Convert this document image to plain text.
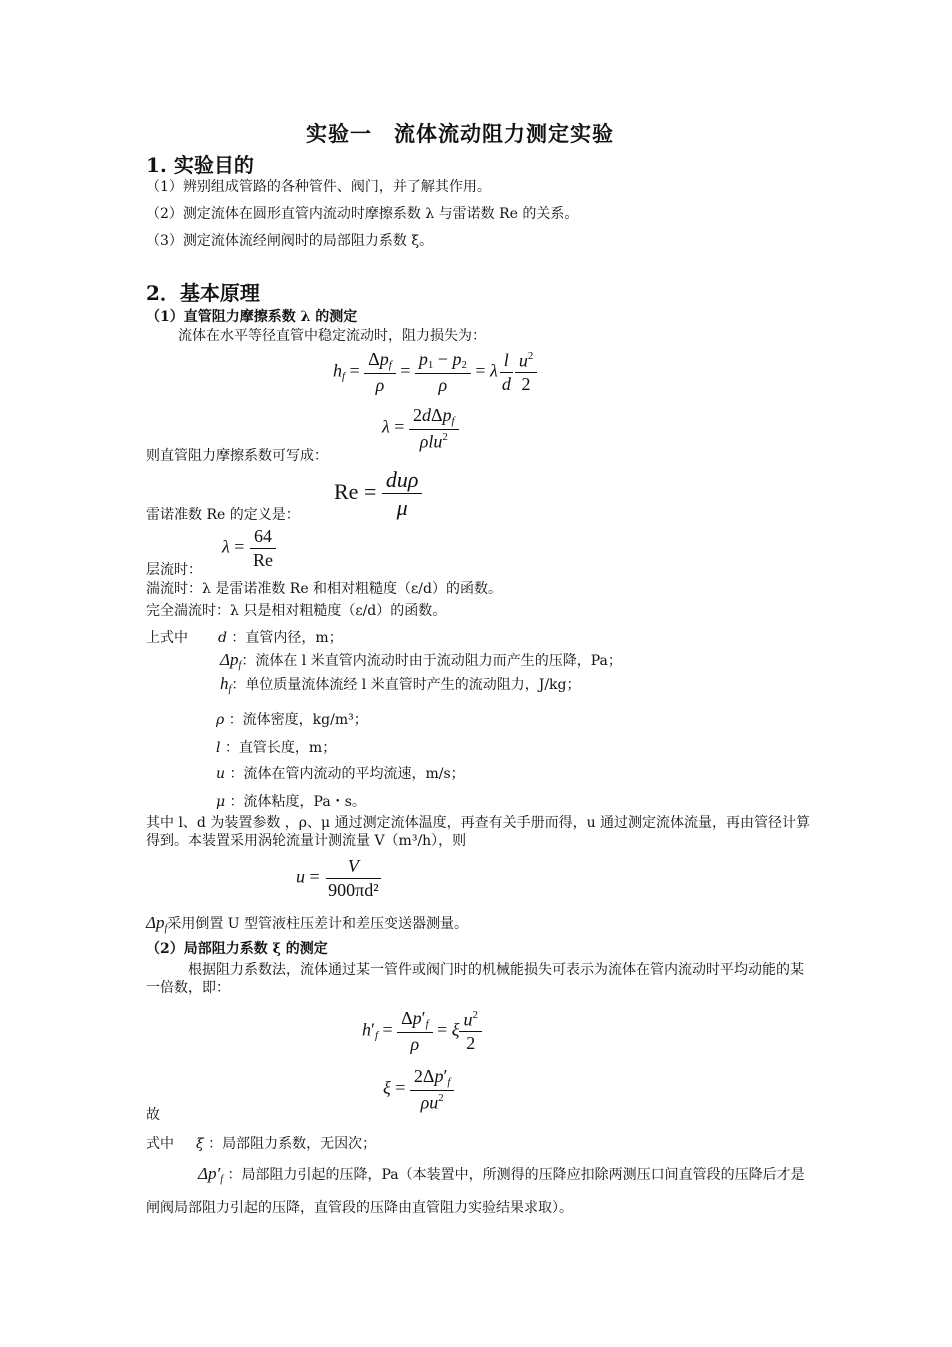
实验一　流体流动阻力测定实验
1. 实验目的
（1）辨别组成管路的各种管件、阀门，并了解其作用。
（2）测定流体在圆形直管内流动时摩擦系数 λ 与雷诺数 Re 的关系。
（3）测定流体流经闸阀时的局部阻力系数 ξ。
2．基本原理
（1）直管阻力摩擦系数 λ 的测定
流体在水平等径直管中稳定流动时，阻力损失为：
$h_f = \frac{\Delta p_f}{\rho} = \frac{p_1 - p_2}{\rho} = \lambda \frac{l}{d} \frac{u^2}{2}$
$\lambda = \frac{2d\Delta p_f}{\rho lu^2}$
则直管阻力摩擦系数可写成：
$Re = \frac{\text{duρ}}{\mu}$
雷诺准数 Re 的定义是：
$\lambda = \frac{64}{Re}$
层流时：
湍流时：λ 是雷诺准数 Re 和相对粗糙度（ε/d）的函数。
完全湍流时：λ 只是相对粗糙度（ε/d）的函数。
上式中 d ：直管内径，m；
$\Delta p_f$：流体在 l 米直管内流动时由于流动阻力而产生的压降，Pa；
$h_f$：单位质量流体流经 l 米直管时产生的流动阻力，J/kg；
ρ ：流体密度，kg/m³；
l ：直管长度，m；
u ：流体在管内流动的平均流速，m/s；
μ ：流体粘度，Pa・s。
其中 l、d 为装置参数 ，ρ、μ 通过测定流体温度，再查有关手册而得，u 通过测定流体流量，再由管径计算得到。本装置采用涡轮流量计测流量 V（m³/h），则
$u = \frac{V}{\text{900πd²}}$
$\Delta p_f$采用倒置 U 型管液柱压差计和差压变送器测量。
（2）局部阻力系数 ξ 的测定
根据阻力系数法，流体通过某一管件或阀门时的机械能损失可表示为流体在管内流动时平均动能的某一倍数，即：
$h'_f = \frac{\Delta p'_f}{\rho} = \xi \frac{u^2}{2}$
$\xi = \frac{2\Delta p'_f}{\rho u^2}$
故
式中 ξ ：局部阻力系数，无因次；
$\Delta p'_f$ ：局部阻力引起的压降，Pa（本装置中，所测得的压降应扣除两测压口间直管段的压降后才是闸阀局部阻力引起的压降，直管段的压降由直管阻力实验结果求取）。
